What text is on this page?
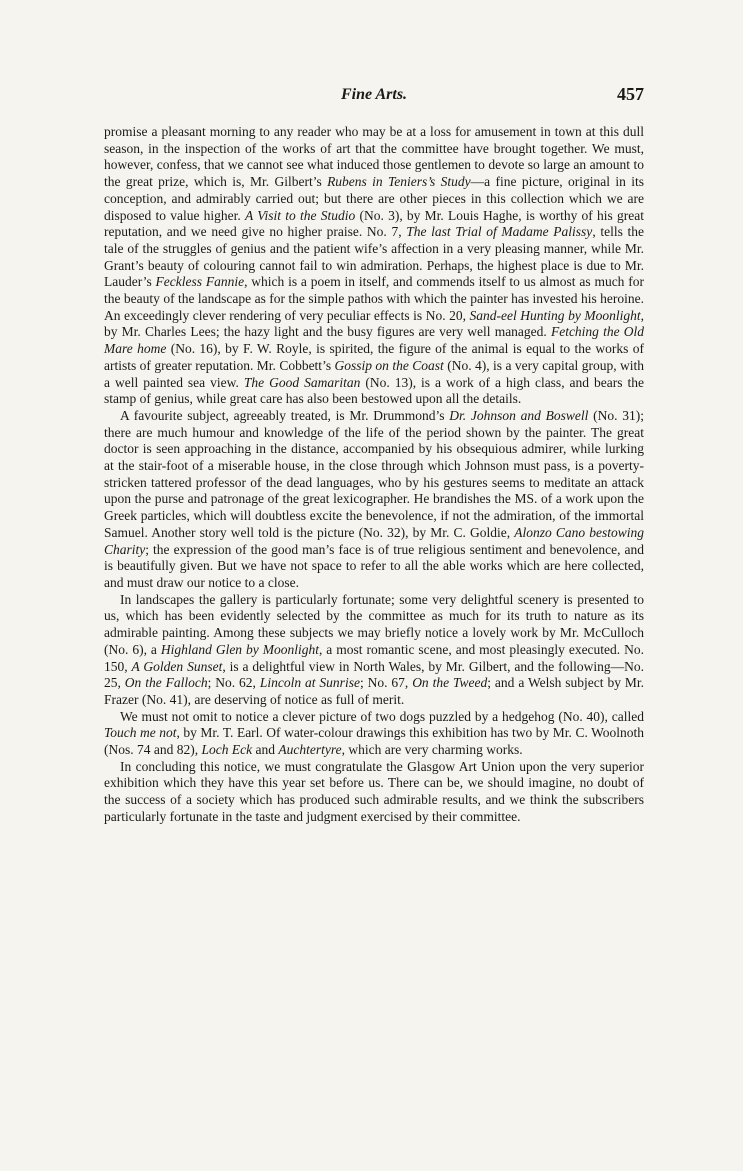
Fine Arts.	457

promise a pleasant morning to any reader who may be at a loss for amusement in town at this dull season, in the inspection of the works of art that the committee have brought together. We must, however, confess, that we cannot see what induced those gentlemen to devote so large an amount to the great prize, which is, Mr. Gilbert’s Rubens in Teniers’s Study—a fine picture, original in its conception, and admirably carried out; but there are other pieces in this collection which we are disposed to value higher. A Visit to the Studio (No. 3), by Mr. Louis Haghe, is worthy of his great reputation, and we need give no higher praise. No. 7, The last Trial of Madame Palissy, tells the tale of the struggles of genius and the patient wife’s affection in a very pleasing manner, while Mr. Grant’s beauty of colouring cannot fail to win admiration. Perhaps, the highest place is due to Mr. Lauder’s Feckless Fannie, which is a poem in itself, and commends itself to us almost as much for the beauty of the landscape as for the simple pathos with which the painter has invested his heroine. An exceedingly clever rendering of very peculiar effects is No. 20, Sand-eel Hunting by Moonlight, by Mr. Charles Lees; the hazy light and the busy figures are very well managed. Fetching the Old Mare home (No. 16), by F. W. Royle, is spirited, the figure of the animal is equal to the works of artists of greater reputation. Mr. Cobbett’s Gossip on the Coast (No. 4), is a very capital group, with a well painted sea view. The Good Samaritan (No. 13), is a work of a high class, and bears the stamp of genius, while great care has also been bestowed upon all the details.

A favourite subject, agreeably treated, is Mr. Drummond’s Dr. Johnson and Boswell (No. 31); there are much humour and knowledge of the life of the period shown by the painter. The great doctor is seen approaching in the distance, accompanied by his obsequious admirer, while lurking at the stair-foot of a miserable house, in the close through which Johnson must pass, is a poverty-stricken tattered professor of the dead languages, who by his gestures seems to meditate an attack upon the purse and patronage of the great lexicographer. He brandishes the MS. of a work upon the Greek particles, which will doubtless excite the benevolence, if not the admiration, of the immortal Samuel. Another story well told is the picture (No. 32), by Mr. C. Goldie, Alonzo Cano bestowing Charity; the expression of the good man’s face is of true religious sentiment and benevolence, and is beautifully given. But we have not space to refer to all the able works which are here collected, and must draw our notice to a close.

In landscapes the gallery is particularly fortunate; some very delightful scenery is presented to us, which has been evidently selected by the committee as much for its truth to nature as its admirable painting. Among these subjects we may briefly notice a lovely work by Mr. McCulloch (No. 6), a Highland Glen by Moonlight, a most romantic scene, and most pleasingly executed. No. 150, A Golden Sunset, is a delightful view in North Wales, by Mr. Gilbert, and the following—No. 25, On the Falloch; No. 62, Lincoln at Sunrise; No. 67, On the Tweed; and a Welsh subject by Mr. Frazer (No. 41), are deserving of notice as full of merit.

We must not omit to notice a clever picture of two dogs puzzled by a hedgehog (No. 40), called Touch me not, by Mr. T. Earl. Of water-colour drawings this exhibition has two by Mr. C. Woolnoth (Nos. 74 and 82), Loch Eck and Auchtertyre, which are very charming works.

In concluding this notice, we must congratulate the Glasgow Art Union upon the very superior exhibition which they have this year set before us. There can be, we should imagine, no doubt of the success of a society which has produced such admirable results, and we think the subscribers particularly fortunate in the taste and judgment exercised by their committee.
